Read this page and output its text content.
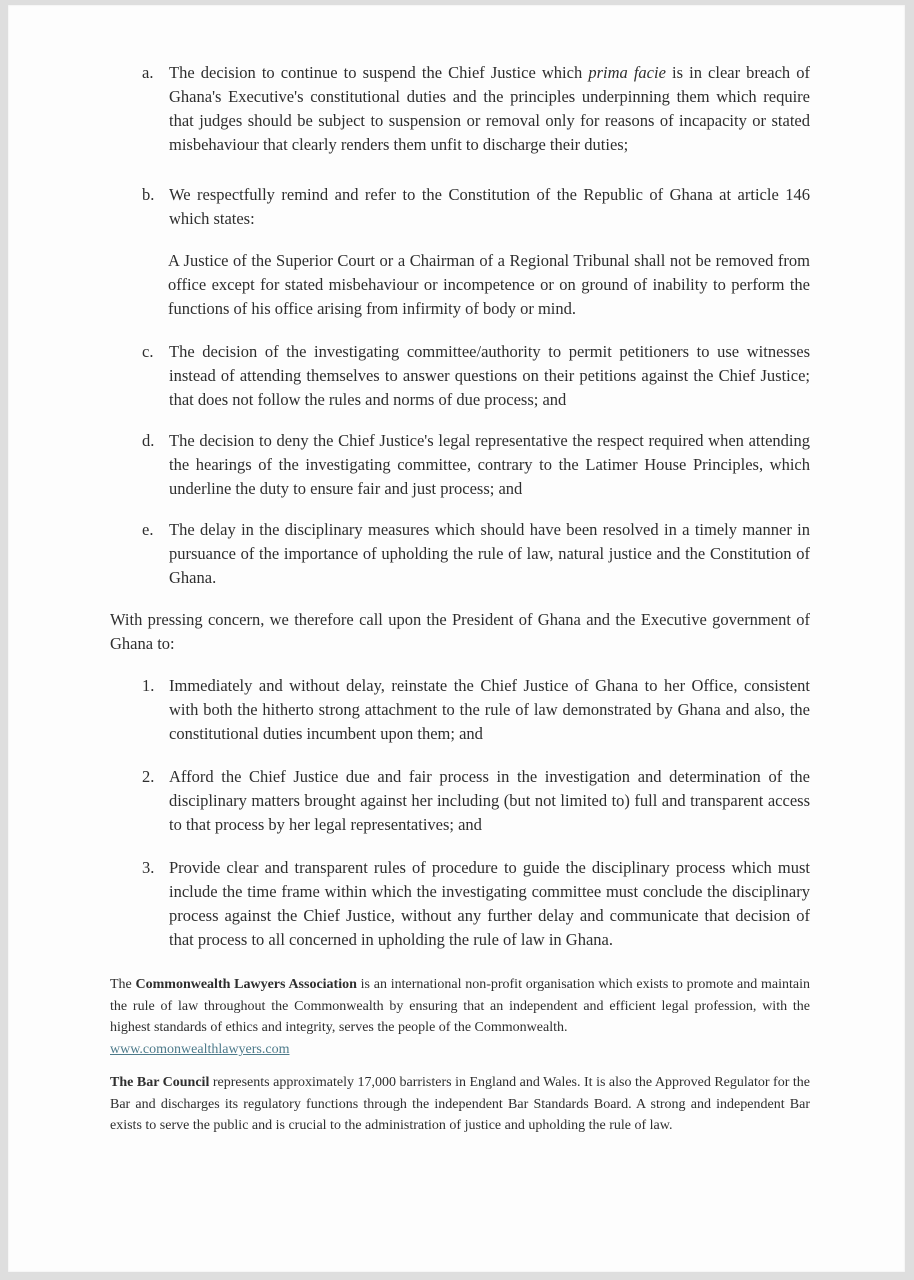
a. The decision to continue to suspend the Chief Justice which prima facie is in clear breach of Ghana's Executive's constitutional duties and the principles underpinning them which require that judges should be subject to suspension or removal only for reasons of incapacity or stated misbehaviour that clearly renders them unfit to discharge their duties;
b. We respectfully remind and refer to the Constitution of the Republic of Ghana at article 146 which states:
A Justice of the Superior Court or a Chairman of a Regional Tribunal shall not be removed from office except for stated misbehaviour or incompetence or on ground of inability to perform the functions of his office arising from infirmity of body or mind.
c. The decision of the investigating committee/authority to permit petitioners to use witnesses instead of attending themselves to answer questions on their petitions against the Chief Justice; that does not follow the rules and norms of due process; and
d. The decision to deny the Chief Justice's legal representative the respect required when attending the hearings of the investigating committee, contrary to the Latimer House Principles, which underline the duty to ensure fair and just process; and
e. The delay in the disciplinary measures which should have been resolved in a timely manner in pursuance of the importance of upholding the rule of law, natural justice and the Constitution of Ghana.
With pressing concern, we therefore call upon the President of Ghana and the Executive government of Ghana to:
1. Immediately and without delay, reinstate the Chief Justice of Ghana to her Office, consistent with both the hitherto strong attachment to the rule of law demonstrated by Ghana and also, the constitutional duties incumbent upon them; and
2. Afford the Chief Justice due and fair process in the investigation and determination of the disciplinary matters brought against her including (but not limited to) full and transparent access to that process by her legal representatives; and
3. Provide clear and transparent rules of procedure to guide the disciplinary process which must include the time frame within which the investigating committee must conclude the disciplinary process against the Chief Justice, without any further delay and communicate that decision of that process to all concerned in upholding the rule of law in Ghana.
The Commonwealth Lawyers Association is an international non-profit organisation which exists to promote and maintain the rule of law throughout the Commonwealth by ensuring that an independent and efficient legal profession, with the highest standards of ethics and integrity, serves the people of the Commonwealth.
www.comonwealthlawyers.com
The Bar Council represents approximately 17,000 barristers in England and Wales. It is also the Approved Regulator for the Bar and discharges its regulatory functions through the independent Bar Standards Board. A strong and independent Bar exists to serve the public and is crucial to the administration of justice and upholding the rule of law.
